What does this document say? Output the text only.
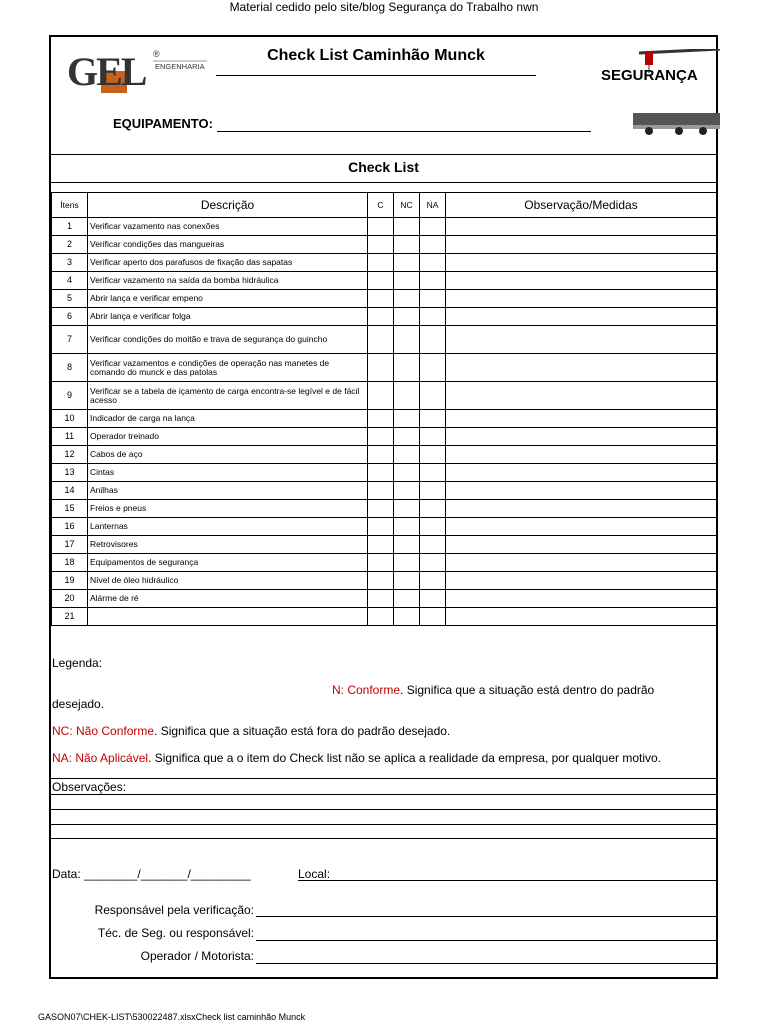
Material cedido pelo site/blog Segurança do Trabalho nwn
GEL ®
ENGENHARIA
Check List Caminhão Munck
SEGURANÇA
EQUIPAMENTO:
Check List
Ítens	Descrição	C	NC	NA	Observação/Medidas
1	Verificar vazamento nas conexões				
2	Verificar condições das mangueiras				
3	Verificar aperto dos parafusos de fixação das sapatas				
4	Verificar vazamento na saída da bomba hidráulica				
5	Abrir lança e verificar empeno				
6	Abrir lança e verificar folga				
7	Verificar condições do moitão e trava de segurança do guincho				
8	Verificar vazamentos e condições de operação nas manetes de comando do munck e das patolas				
9	Verificar se a tabela de içamento de carga encontra-se legível e de fácil acesso				
10	Indicador de carga na lança				
11	Operador treinado				
12	Cabos de aço				
13	Cintas				
14	Anilhas				
15	Freios e pneus				
16	Lanternas				
17	Retrovisores				
18	Equipamentos de segurança				
19	Nível de óleo hidráulico				
20	Alárme de ré				
21					
Legenda:
N: Conforme. Significa que a situação está dentro do padrão
desejado.
NC: Não Conforme. Significa que a situação está fora do padrão desejado.
NA: Não Aplicável. Significa que a o item do Check list não se aplica a realidade da empresa, por qualquer motivo.
Observações:
Data: ________/_______/_________	Local:
Responsável pela verificação:
Téc. de Seg. ou responsável:
Operador / Motorista:
GASON07\CHEK-LIST\530022487.xlsxCheck list caminhão Munck
